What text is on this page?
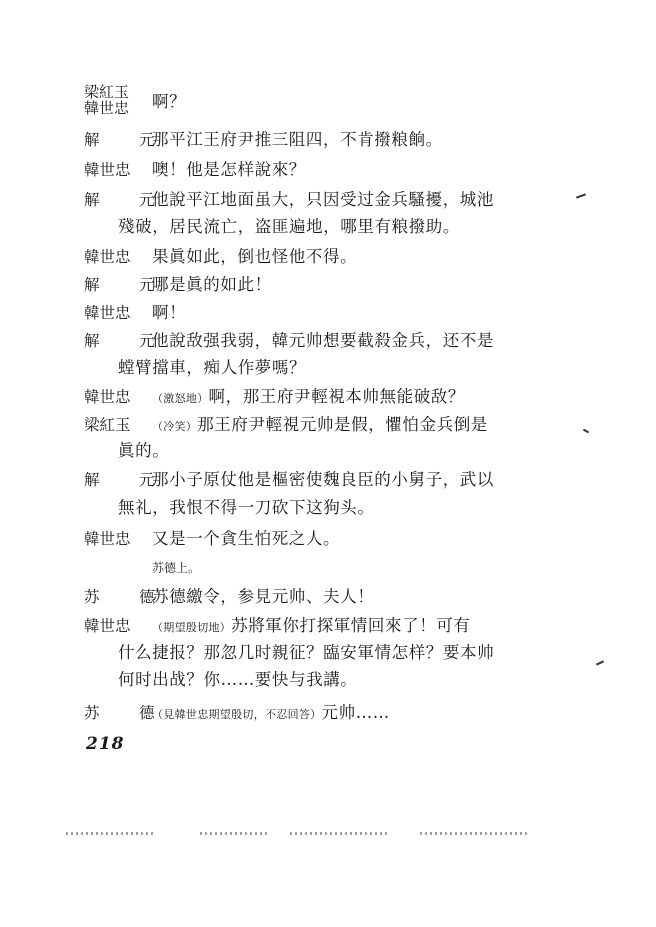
梁紅玉
韓世忠	啊？
解　元
那平江王府尹推三阻四，不肯撥粮餉。
韓世忠	噢！他是怎样說來？
解　元
他說平江地面虽大，只因受过金兵騷擾，城池
殘破，居民流亡，盗匪遍地，哪里有粮撥助。
韓世忠	果眞如此，倒也怪他不得。
解　元
哪是眞的如此！
韓世忠	啊！
解　元
他說敌强我弱，韓元帅想要截殺金兵，还不是
螳臂擋車，痴人作夢嗎？
韓世忠	（激怒地）啊，那王府尹輕視本帅無能破敌？
梁紅玉	（冷笑）那王府尹輕視元帅是假，懼怕金兵倒是
眞的。
解　元
那小子原仗他是樞密使魏良臣的小舅子，武以
無礼，我恨不得一刀砍下这狗头。
韓世忠	又是一个貪生怕死之人。
苏德上。
苏　德
苏德繳令，参見元帅、夫人！
韓世忠	（期望殷切地）苏將軍你打探軍情回來了！可有
什么捷报？那忽几时親征？臨安軍情怎样？要本帅
何时出战？你……要快与我講。
苏　德
（見韓世忠期望殷切，不忍回答）元帅……
218
